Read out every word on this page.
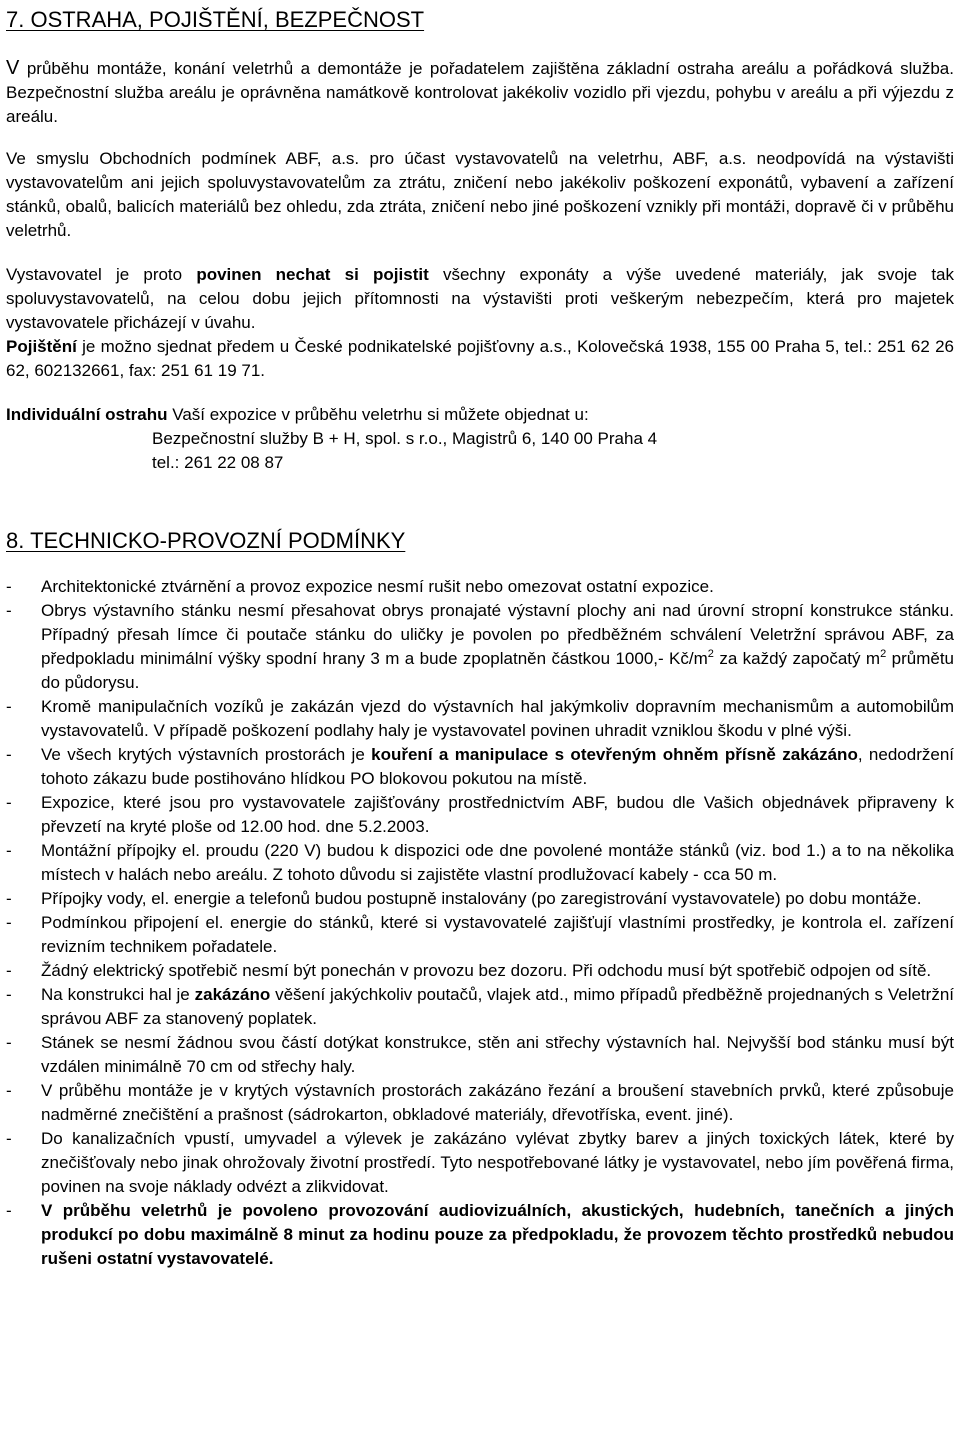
7. OSTRAHA, POJIŠTĚNÍ, BEZPEČNOST

V průběhu montáže, konání veletrhů a demontáže je pořadatelem zajištěna základní ostraha areálu a pořádková služba. Bezpečnostní služba areálu je oprávněna namátkově kontrolovat jakékoliv vozidlo při vjezdu, pohybu v areálu a při výjezdu z areálu.

Ve smyslu Obchodních podmínek ABF, a.s. pro účast vystavovatelů na veletrhu, ABF, a.s. neodpovídá na výstavišti vystavovatelům ani jejich spoluvystavovatelům za ztrátu, zničení nebo jakékoliv poškození exponátů, vybavení a zařízení stánků, obalů, balicích materiálů bez ohledu, zda ztráta, zničení nebo jiné poškození vznikly při montáži, dopravě či v průběhu veletrhů.

Vystavovatel je proto povinen nechat si pojistit všechny exponáty a výše uvedené materiály, jak svoje tak spoluvystavovatelů, na celou dobu jejich přítomnosti na výstavišti proti veškerým nebezpečím, která pro majetek vystavovatele přicházejí v úvahu.

Pojištění je možno sjednat předem u České podnikatelské pojišťovny a.s., Kolovečská 1938, 155 00 Praha 5, tel.: 251 62 26 62, 602132661, fax: 251 61 19 71.

Individuální ostrahu Vaší expozice v průběhu veletrhu si můžete objednat u:

Bezpečnostní služby B + H, spol. s r.o., Magistrů 6, 140 00 Praha 4

tel.: 261 22 08 87

8. TECHNICKO-PROVOZNÍ PODMÍNKY
- Architektonické ztvárnění a provoz expozice nesmí rušit nebo omezovat ostatní expozice.
- Obrys výstavního stánku nesmí přesahovat obrys pronajaté výstavní plochy ani nad úrovní stropní konstrukce stánku. Případný přesah límce či poutače stánku do uličky je povolen po předběžném schválení Veletržní správou ABF, za předpokladu minimální výšky spodní hrany 3 m a bude zpoplatněn částkou 1000,- $Kč/m^2$ za každý započatý $m^2$ průmětu do půdorysu.
- Kromě manipulačních vozíků je zakázán vjezd do výstavních hal jakýmkoliv dopravním mechanismům a automobilům vystavovatelů. V případě poškození podlahy haly je vystavovatel povinen uhradit vzniklou škodu v plné výši.
- Ve všech krytých výstavních prostorách je kouření a manipulace s otevřeným ohněm přísně zakázáno, nedodržení tohoto zákazu bude postihováno hlídkou PO blokovou pokutou na místě.
- Expozice, které jsou pro vystavovatele zajišťovány prostřednictvím ABF, budou dle Vašich objednávek připraveny k převzetí na kryté ploše od 12.00 hod. dne 5.2.2003.
- Montážní přípojky el. proudu (220 V) budou k dispozici ode dne povolené montáže stánků (viz. bod 1.) a to na několika místech v halách nebo areálu. Z tohoto důvodu si zajistěte vlastní prodlužovací kabely - cca 50 m.
- Přípojky vody, el. energie a telefonů budou postupně instalovány (po zaregistrování vystavovatele) po dobu montáže.
- Podmínkou připojení el. energie do stánků, které si vystavovatelé zajišťují vlastními prostředky, je kontrola el. zařízení revizním technikem pořadatele.
- Žádný elektrický spotřebič nesmí být ponechán v provozu bez dozoru. Při odchodu musí být spotřebič odpojen od sítě.
- Na konstrukci hal je zakázáno věšení jakýchkoliv poutačů, vlajek atd., mimo případů předběžně projednaných s Veletržní správou ABF za stanovený poplatek.
- Stánek se nesmí žádnou svou částí dotýkat konstrukce, stěn ani střechy výstavních hal. Nejvyšší bod stánku musí být vzdálen minimálně 70 cm od střechy haly.
- V průběhu montáže je v krytých výstavních prostorách zakázáno řezání a broušení stavebních prvků, které způsobuje nadměrné znečištění a prašnost (sádrokarton, obkladové materiály, dřevotříska, event. jiné).
- Do kanalizačních vpustí, umyvadel a výlevek je zakázáno vylévat zbytky barev a jiných toxických látek, které by znečišťovaly nebo jinak ohrožovaly životní prostředí. Tyto nespotřebované látky je vystavovatel, nebo jím pověřená firma, povinen na svoje náklady odvézt a zlikvidovat.
- V průběhu veletrhů je povoleno provozování audiovizuálních, akustických, hudebních, tanečních a jiných produkcí po dobu maximálně 8 minut za hodinu pouze za předpokladu, že provozem těchto prostředků nebudou rušeni ostatní vystavovatelé.
